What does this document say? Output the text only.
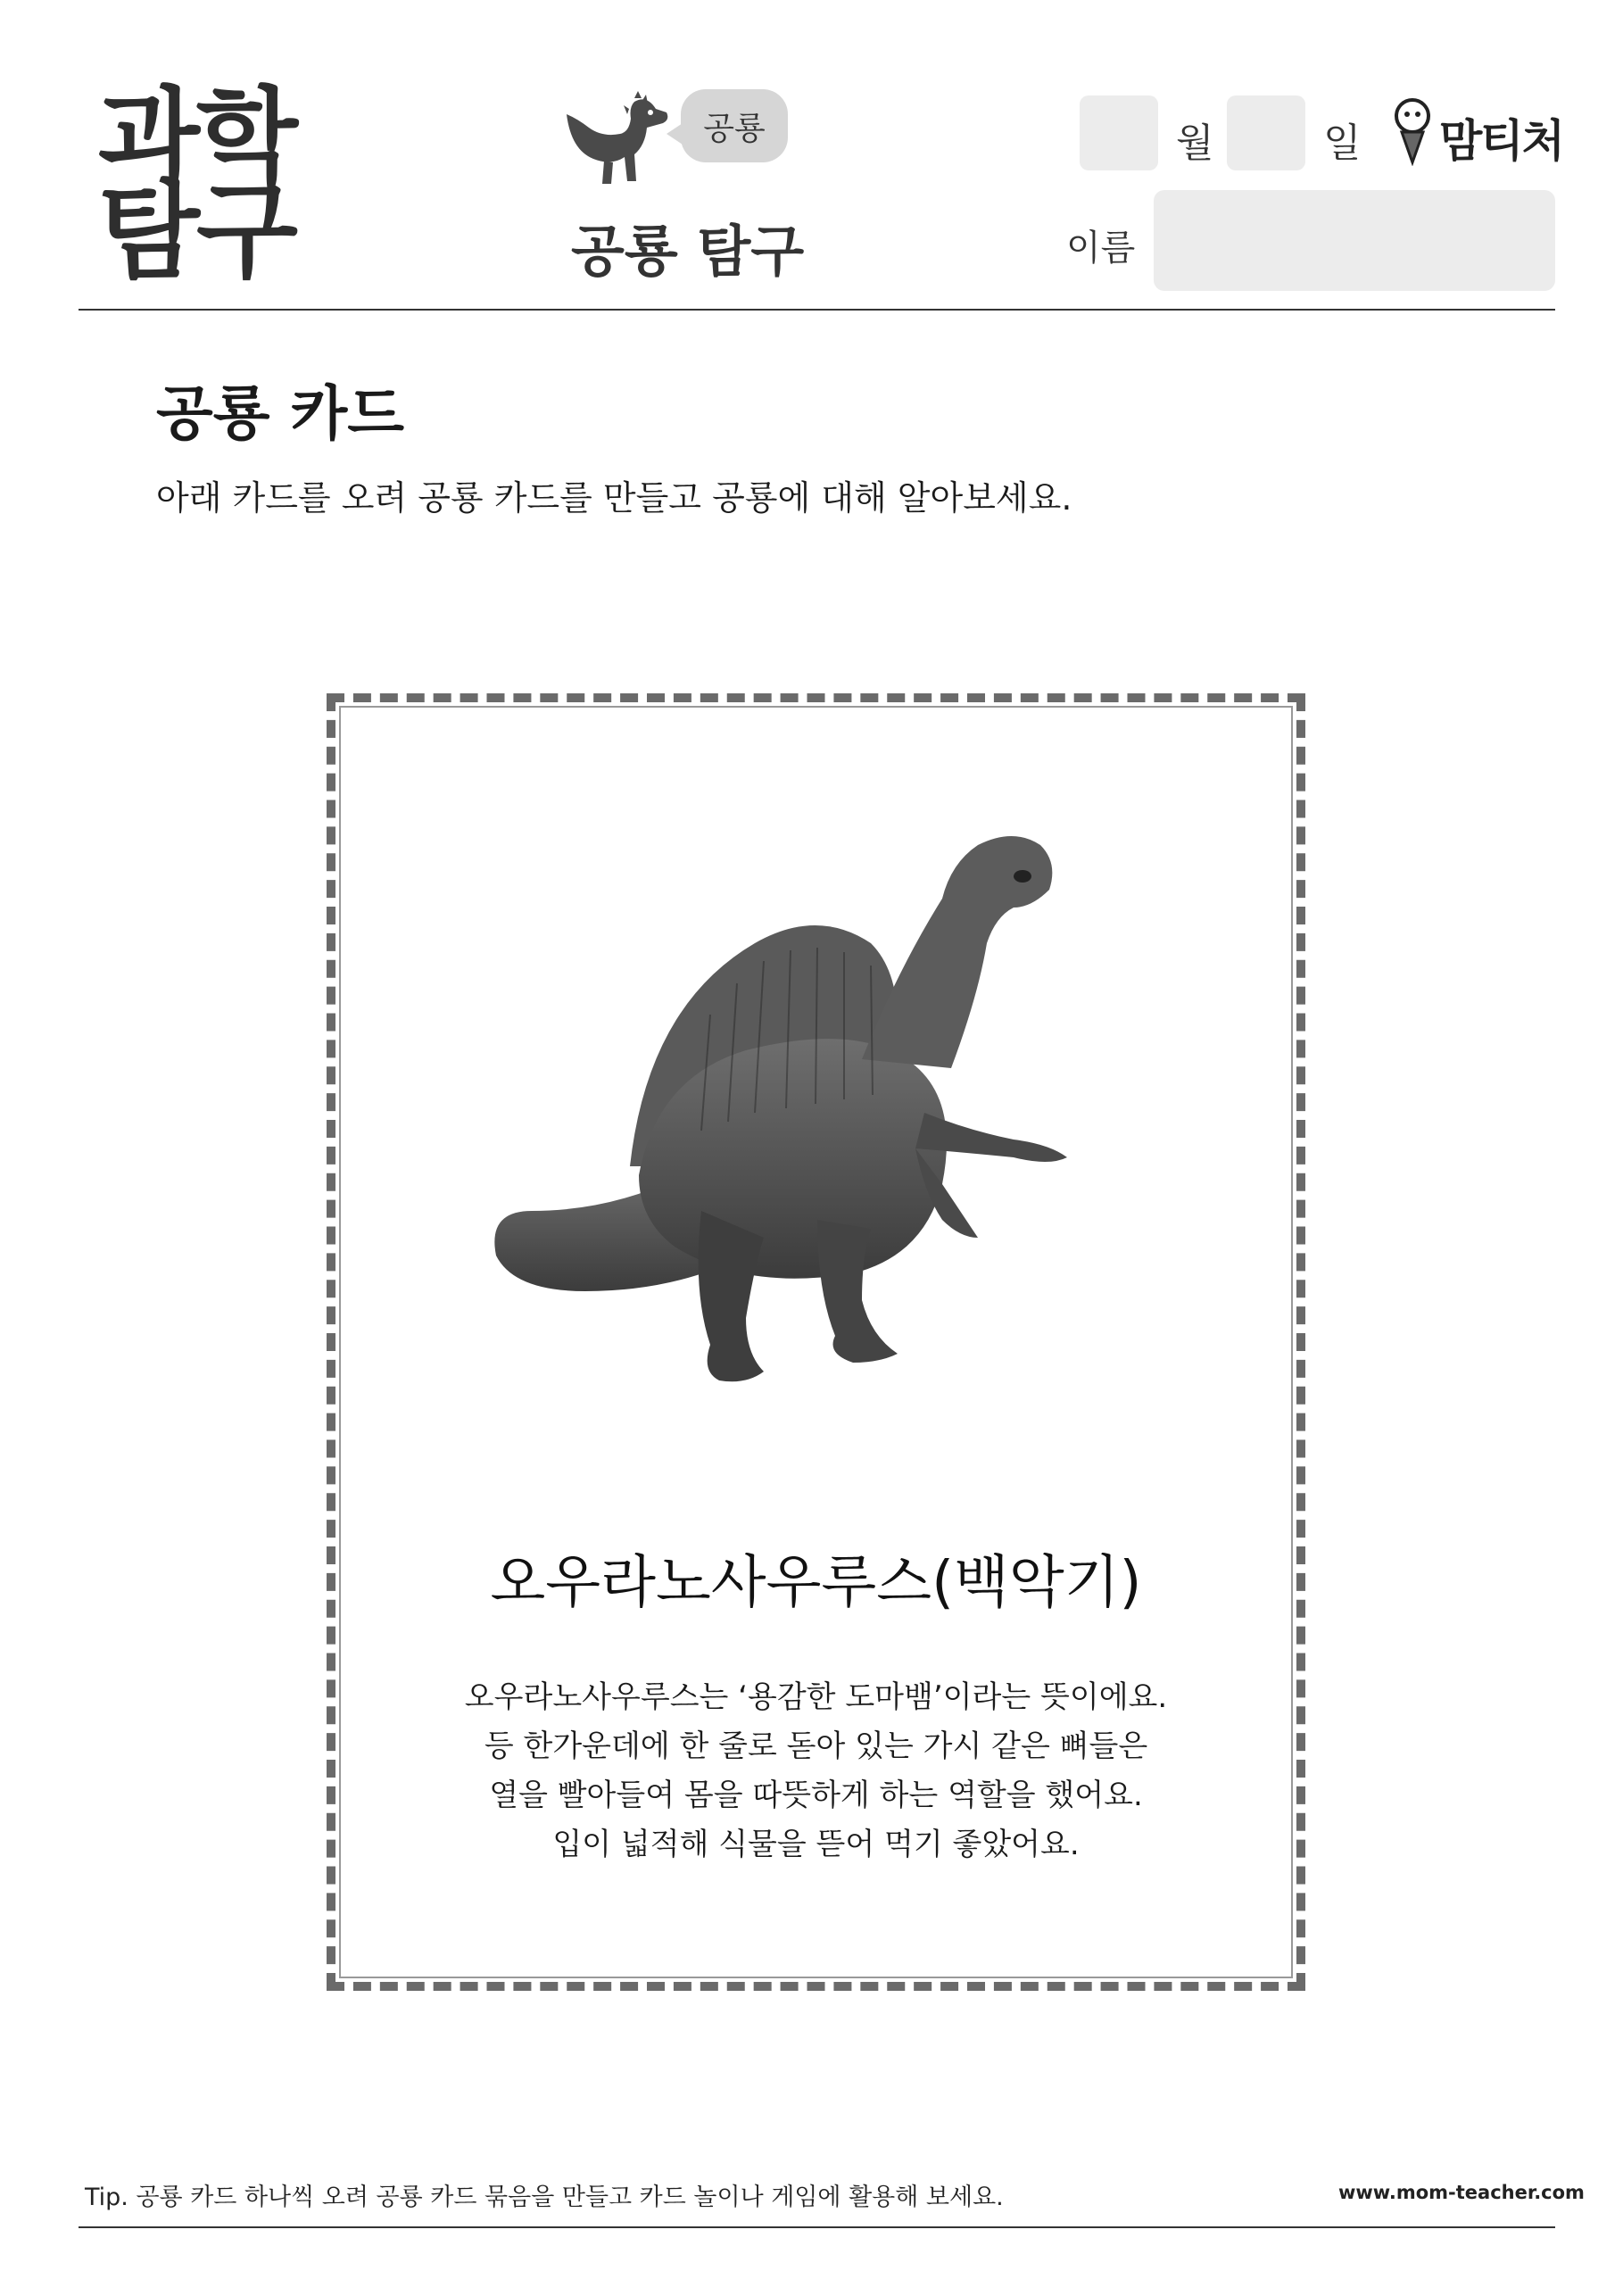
과학
탐구
공룡
공룡 탐구
월	일 맘티처
이름
공룡 카드
아래 카드를 오려 공룡 카드를 만들고 공룡에 대해 알아보세요.
오우라노사우루스(백악기)
오우라노사우루스는 ‘용감한 도마뱀’이라는 뜻이에요.
등 한가운데에 한 줄로 돋아 있는 가시 같은 뼈들은
열을 빨아들여 몸을 따뜻하게 하는 역할을 했어요.
입이 넓적해 식물을 뜯어 먹기 좋았어요.
Tip. 공룡 카드 하나씩 오려 공룡 카드 묶음을 만들고 카드 놀이나 게임에 활용해 보세요.	www.mom-teacher.com
